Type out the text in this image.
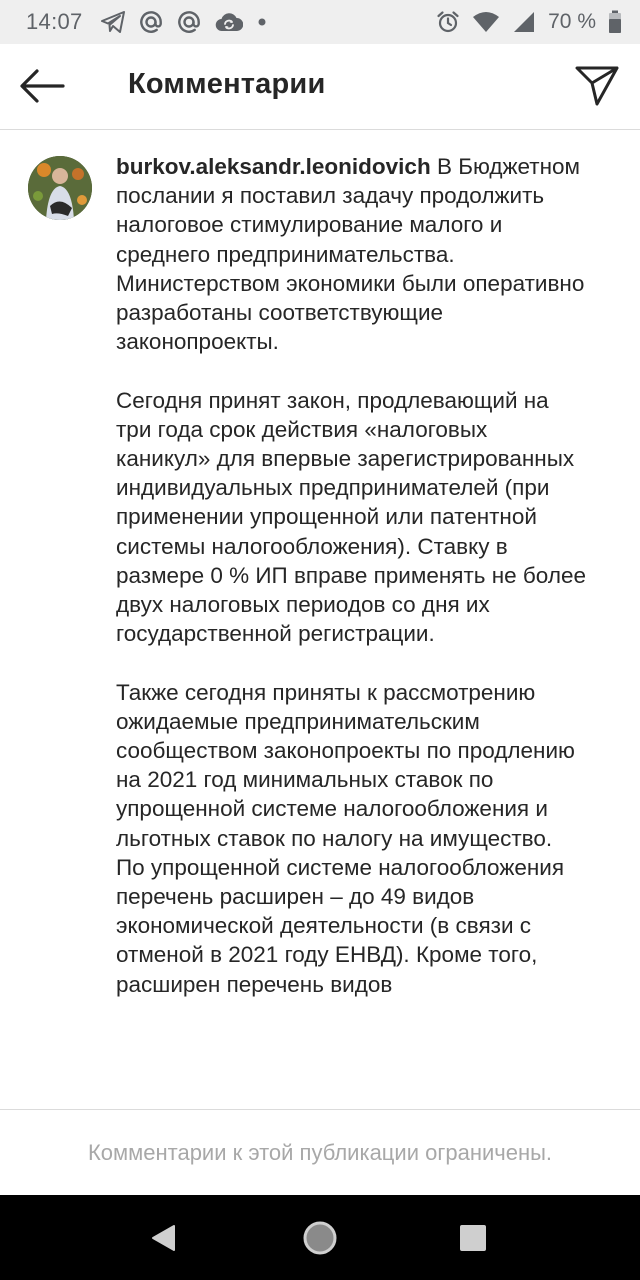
14:07	70 %
Комментарии

burkov.aleksandr.leonidovich В Бюджетном послании я поставил задачу продолжить налоговое стимулирование малого и среднего предпринимательства. Министерством экономики были оперативно разработаны соответствующие законопроекты.

Сегодня принят закон, продлевающий на три года срок действия «налоговых каникул» для впервые зарегистрированных индивидуальных предпринимателей (при применении упрощенной или патентной системы налогообложения). Ставку в размере 0 % ИП вправе применять не более двух налоговых периодов со дня их государственной регистрации.

Также сегодня приняты к рассмотрению ожидаемые предпринимательским сообществом законопроекты по продлению на 2021 год минимальных ставок по упрощенной системе налогообложения и льготных ставок по налогу на имущество. По упрощенной системе налогообложения перечень расширен – до 49 видов экономической деятельности (в связи с отменой в 2021 году ЕНВД). Кроме того, расширен перечень видов

Комментарии к этой публикации ограничены.
